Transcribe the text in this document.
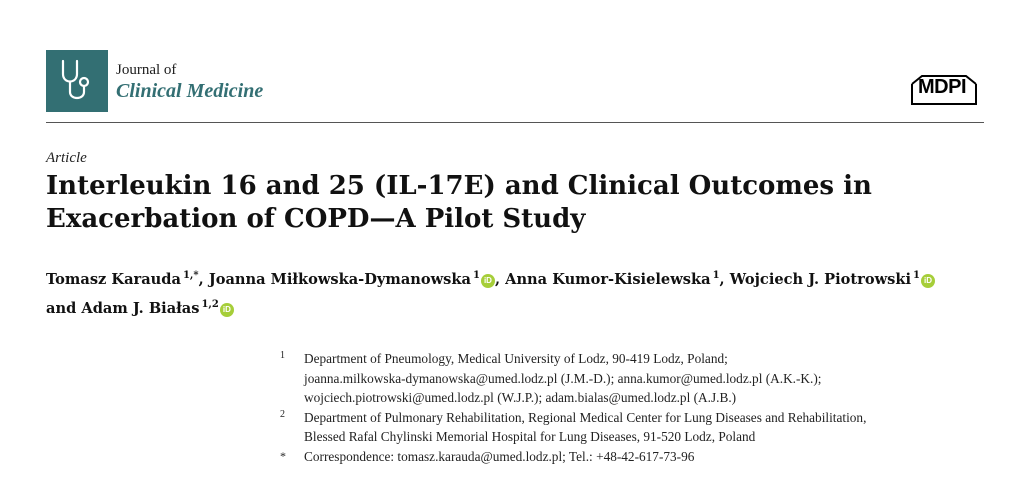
Journal of
Clinical Medicine	MDPI
Article
Interleukin 16 and 25 (IL-17E) and Clinical Outcomes in Exacerbation of COPD—A Pilot Study
Tomasz Karauda $^{1,*}$, Joanna Miłkowska-Dymanowska $^1$ iD , Anna Kumor-Kisielewska $^1$, Wojciech J. Piotrowski $^1$ iD
and Adam J. Białas $^{1,2}$ iD
1 Department of Pneumology, Medical University of Lodz, 90-419 Lodz, Poland;
joanna.milkowska-dymanowska@umed.lodz.pl (J.M.-D.); anna.kumor@umed.lodz.pl (A.K.-K.);
wojciech.piotrowski@umed.lodz.pl (W.J.P.); adam.bialas@umed.lodz.pl (A.J.B.)
2 Department of Pulmonary Rehabilitation, Regional Medical Center for Lung Diseases and Rehabilitation,
Blessed Rafal Chylinski Memorial Hospital for Lung Diseases, 91-520 Lodz, Poland
* Correspondence: tomasz.karauda@umed.lodz.pl; Tel.: +48-42-617-73-96
